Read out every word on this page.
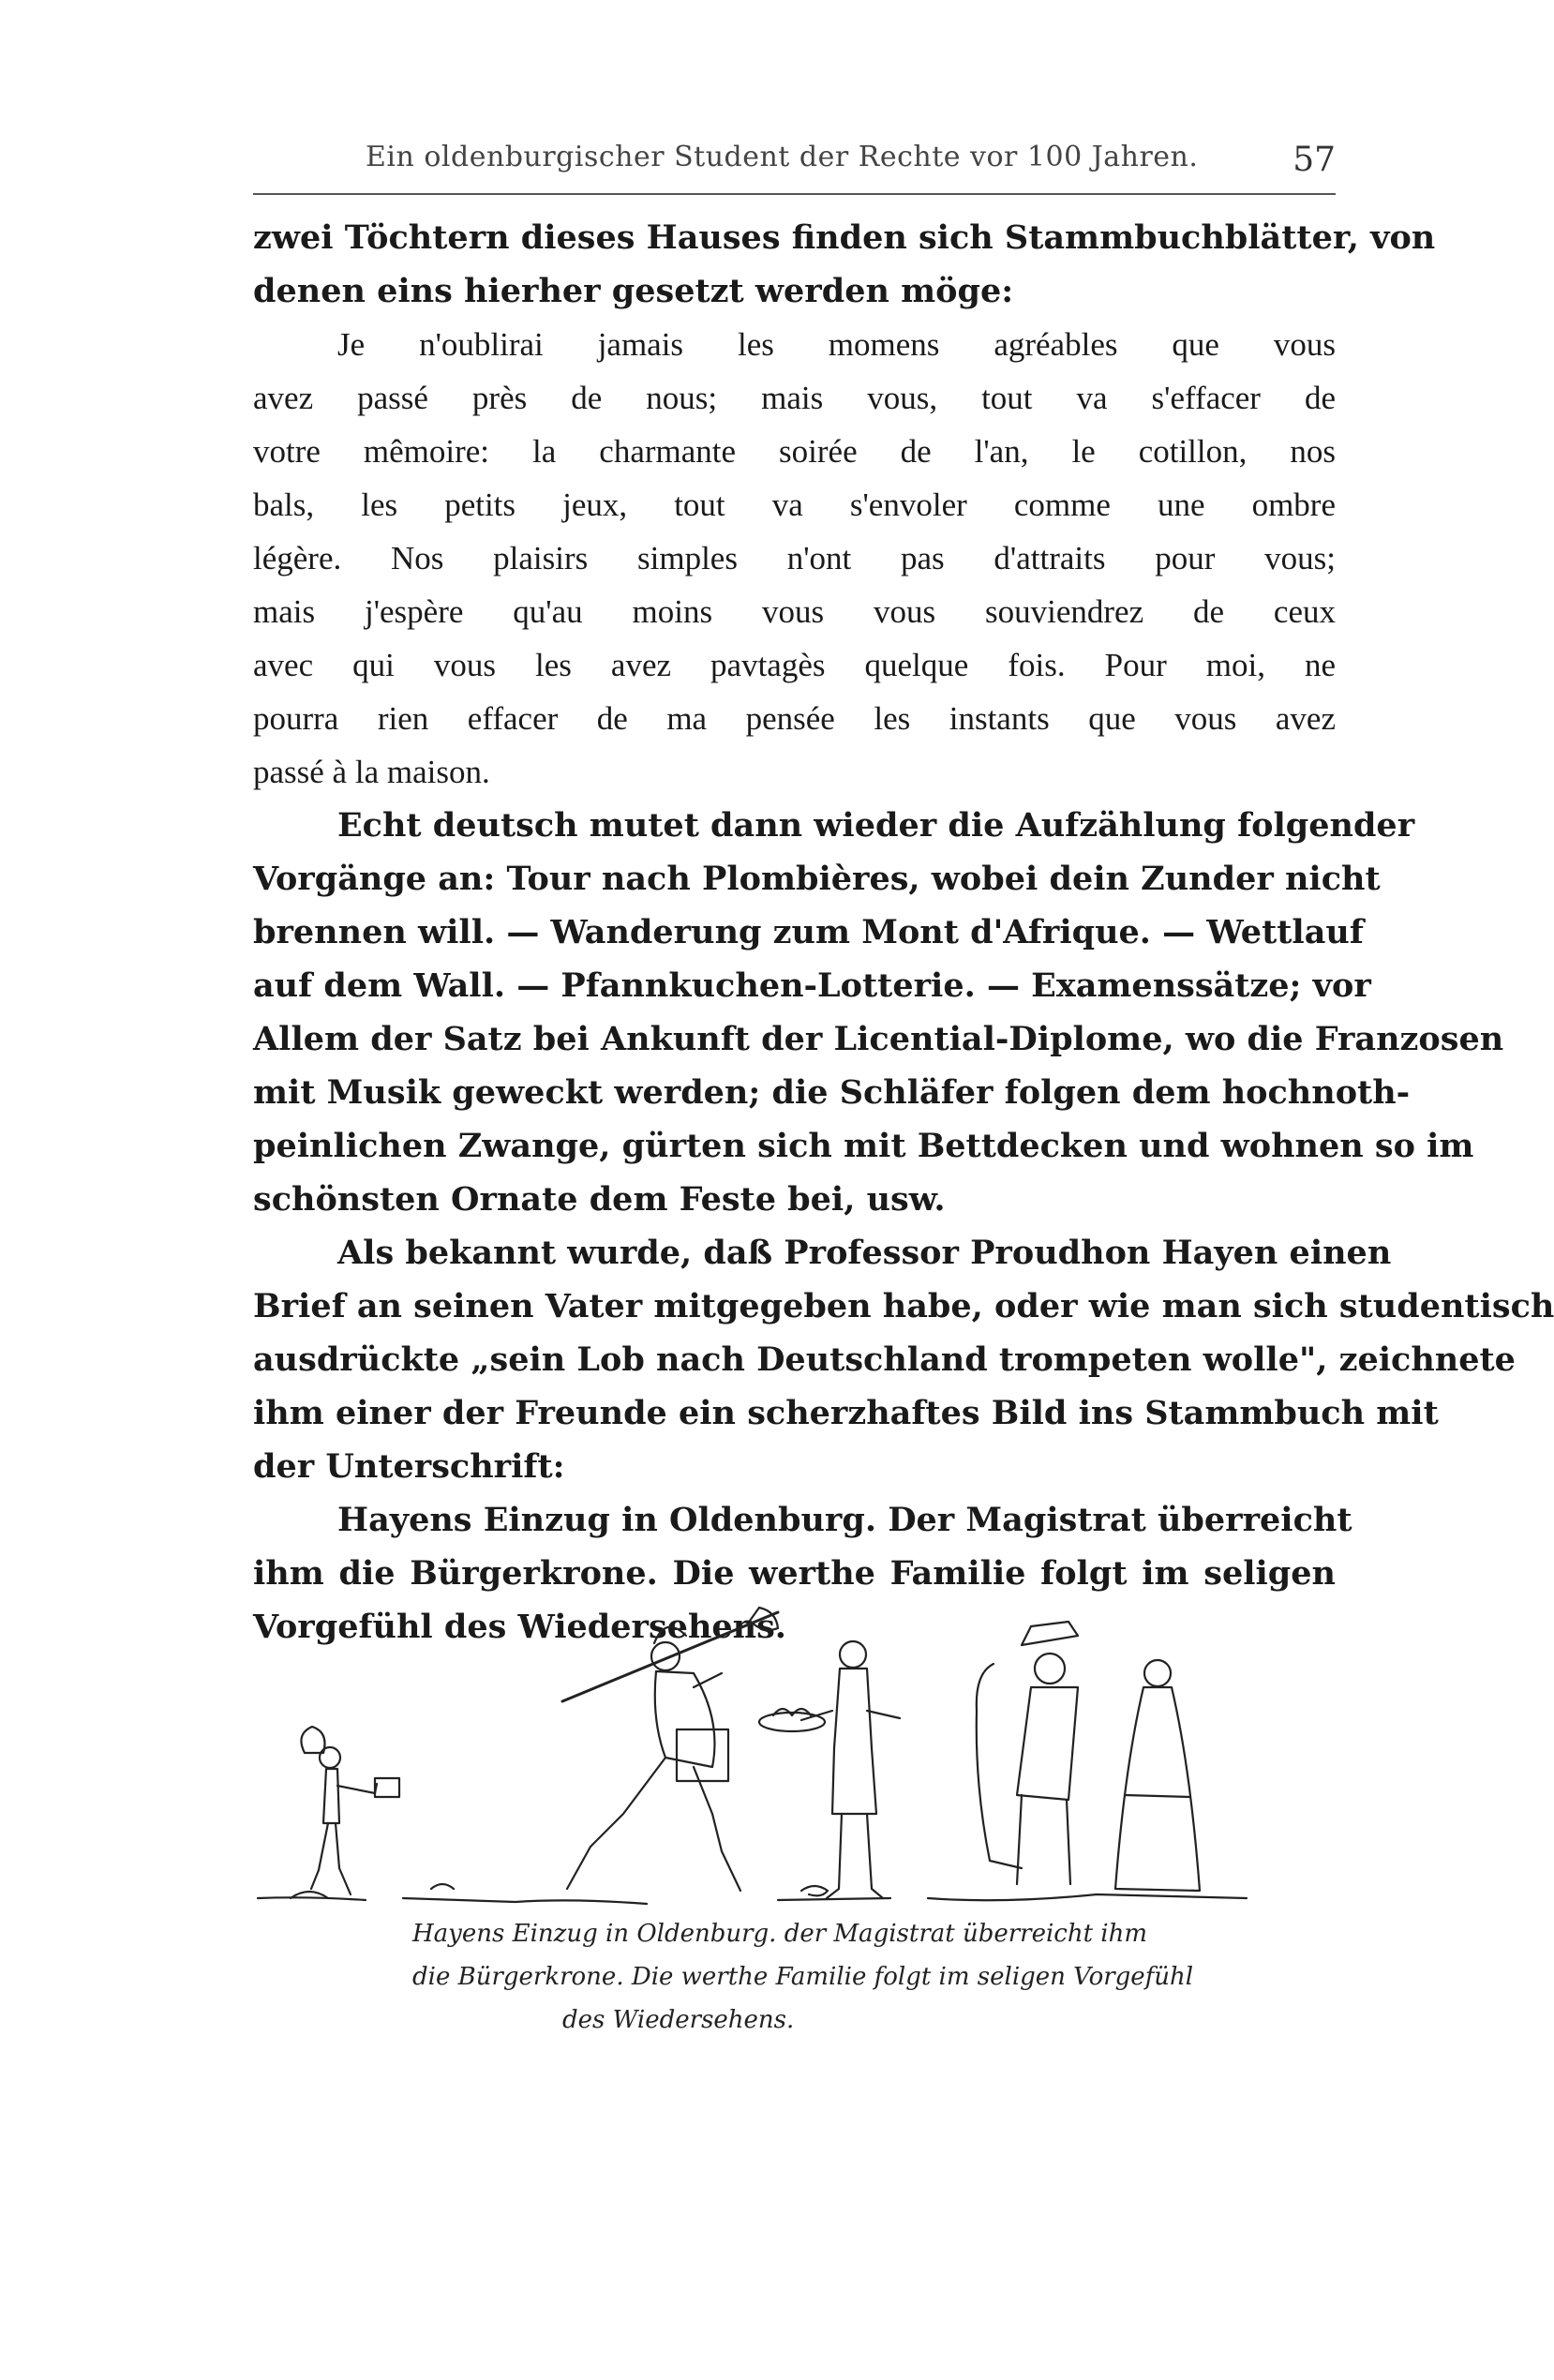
Ein oldenburgischer Student der Rechte vor 100 Jahren.	57
zwei Töchtern dieses Hauses finden sich Stammbuchblätter, von
denen eins hierher gesetzt werden möge:
Je n'oublirai jamais les momens agréables que vous
avez passé près de nous; mais vous, tout va s'effacer de
votre mêmoire: la charmante soirée de l'an, le cotillon, nos
bals, les petits jeux, tout va s'envoler comme une ombre
légère. Nos plaisirs simples n'ont pas d'attraits pour vous;
mais j'espère qu'au moins vous vous souviendrez de ceux
avec qui vous les avez pavtagès quelque fois. Pour moi, ne
pourra rien effacer de ma pensée les instants que vous avez
passé à la maison.
Echt deutsch mutet dann wieder die Aufzählung folgender
Vorgänge an: Tour nach Plombières, wobei dein Zunder nicht
brennen will. — Wanderung zum Mont d'Afrique. — Wettlauf
auf dem Wall. — Pfannkuchen-Lotterie. — Examenssätze; vor
Allem der Satz bei Ankunft der Licential-Diplome, wo die Franzosen
mit Musik geweckt werden; die Schläfer folgen dem hochnoth-
peinlichen Zwange, gürten sich mit Bettdecken und wohnen so im
schönsten Ornate dem Feste bei, usw.
Als bekannt wurde, daß Professor Proudhon Hayen einen
Brief an seinen Vater mitgegeben habe, oder wie man sich studentisch
ausdrückte „sein Lob nach Deutschland trompeten wolle", zeichnete
ihm einer der Freunde ein scherzhaftes Bild ins Stammbuch mit
der Unterschrift:
Hayens Einzug in Oldenburg. Der Magistrat überreicht
ihm die Bürgerkrone. Die werthe Familie folgt im seligen
Vorgefühl des Wiedersehens.
Hayens Einzug in Oldenburg. der Magistrat überreicht ihm
die Bürgerkrone. Die werthe Familie folgt im seligen Vorgefühl
des Wiedersehens.
